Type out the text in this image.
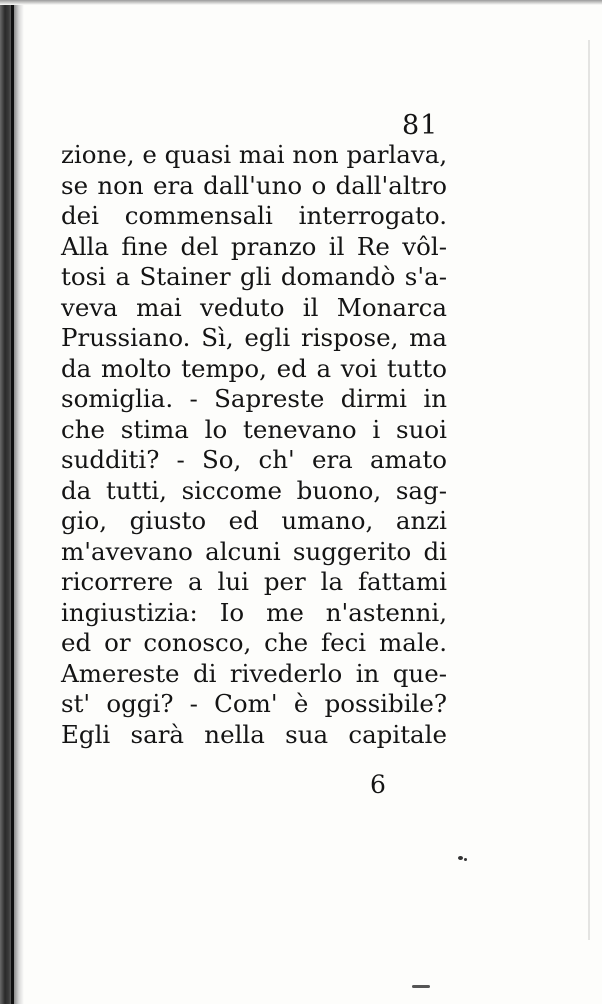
81
zione, e quasi mai non parlava,
se non era dall'uno o dall'altro
dei commensali interrogato.
Alla fine del pranzo il Re vôl-
tosi a Stainer gli domandò s'a-
veva mai veduto il Monarca
Prussiano. Sì, egli rispose, ma
da molto tempo, ed a voi tutto
somiglia. - Sapreste dirmi in
che stima lo tenevano i suoi
sudditi? - So, ch' era amato
da tutti, siccome buono, sag-
gio, giusto ed umano, anzi
m'avevano alcuni suggerito di
ricorrere a lui per la fattami
ingiustizia: Io me n'astenni,
ed or conosco, che feci male.
Amereste di rivederlo in que-
st' oggi? - Com' è possibile?
Egli sarà nella sua capitale
6
